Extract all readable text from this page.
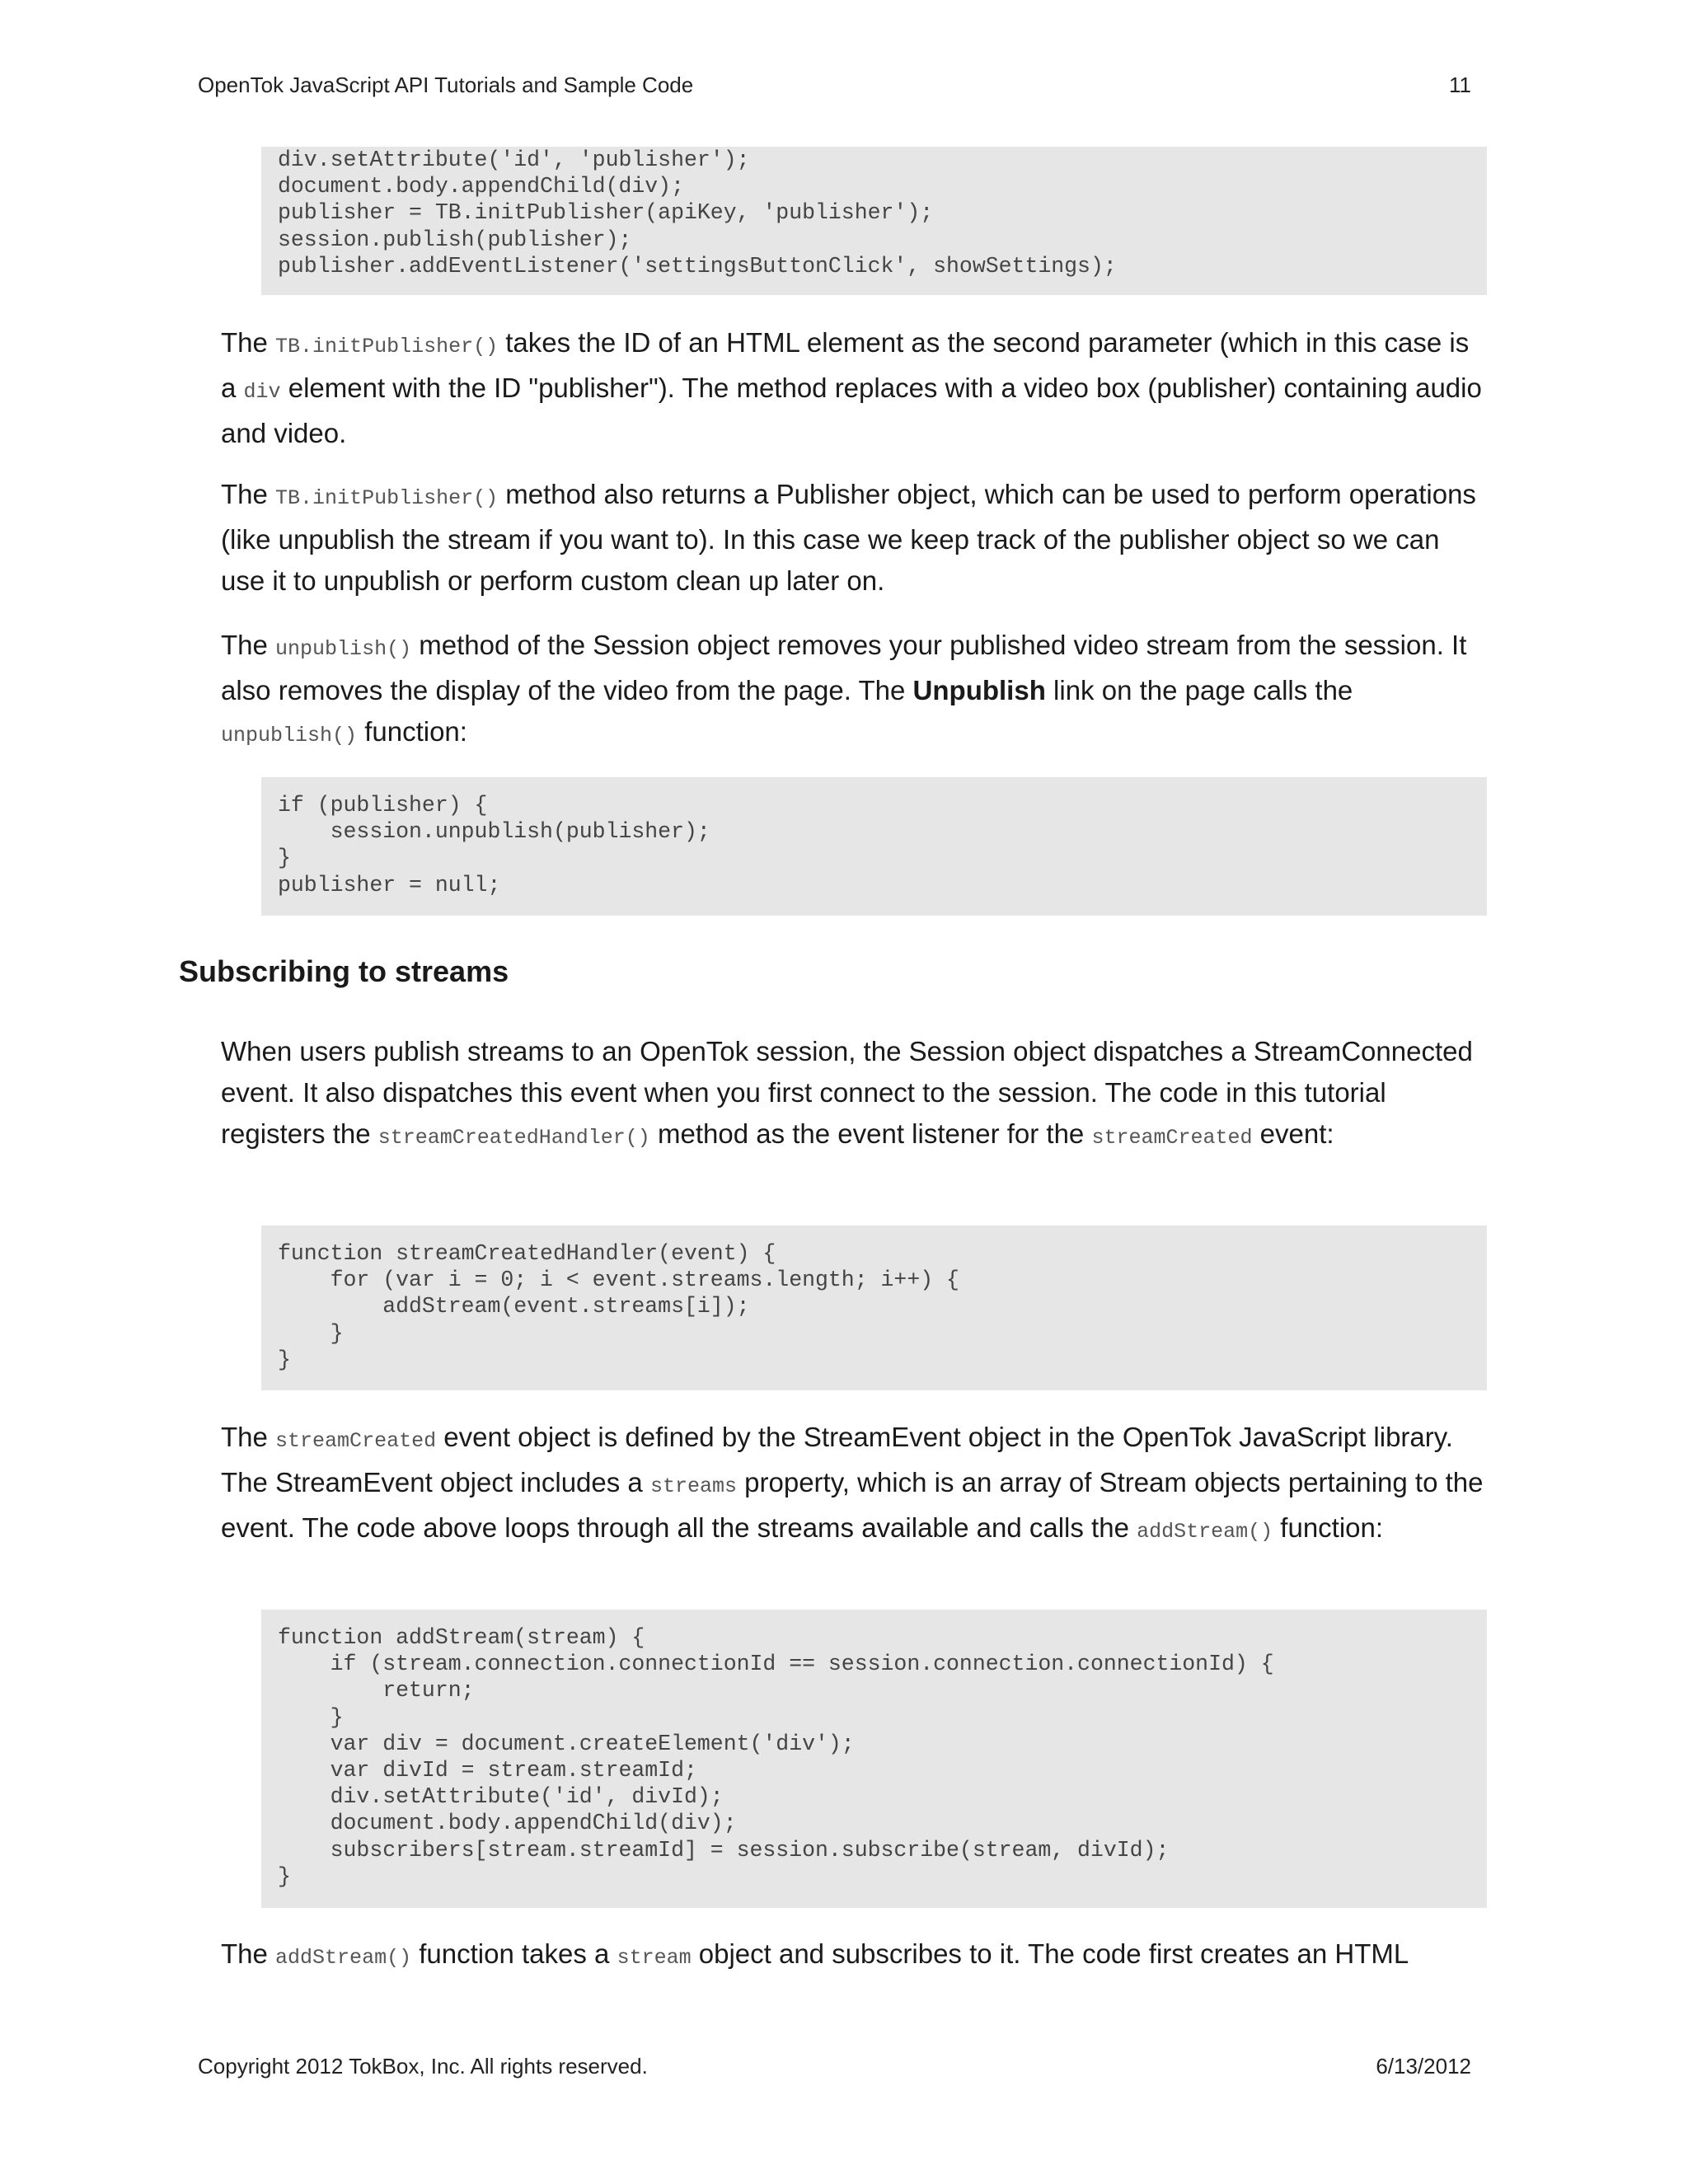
OpenTok JavaScript API Tutorials and Sample Code	11
div.setAttribute('id', 'publisher');
document.body.appendChild(div);
publisher = TB.initPublisher(apiKey, 'publisher');
session.publish(publisher);
publisher.addEventListener('settingsButtonClick', showSettings);

The TB.initPublisher() takes the ID of an HTML element as the second parameter (which in this case is a div element with the ID "publisher"). The method replaces with a video box (publisher) containing audio and video.

The TB.initPublisher() method also returns a Publisher object, which can be used to perform operations (like unpublish the stream if you want to). In this case we keep track of the publisher object so we can use it to unpublish or perform custom clean up later on.

The unpublish() method of the Session object removes your published video stream from the session. It also removes the display of the video from the page. The Unpublish link on the page calls the unpublish() function:

if (publisher) {
session.unpublish(publisher);
}
publisher = null;
Subscribing to streams

When users publish streams to an OpenTok session, the Session object dispatches a StreamConnected event. It also dispatches this event when you first connect to the session. The code in this tutorial registers the streamCreatedHandler() method as the event listener for the streamCreated event:

function streamCreatedHandler(event) {
for (var i = 0; i < event.streams.length; i++) {
addStream(event.streams[i]);
}
}

The streamCreated event object is defined by the StreamEvent object in the OpenTok JavaScript library. The StreamEvent object includes a streams property, which is an array of Stream objects pertaining to the event. The code above loops through all the streams available and calls the addStream() function:

function addStream(stream) {
if (stream.connection.connectionId == session.connection.connectionId) {
return;
}
var div = document.createElement('div');
var divId = stream.streamId;
div.setAttribute('id', divId);
document.body.appendChild(div);
subscribers[stream.streamId] = session.subscribe(stream, divId);
}

The addStream() function takes a stream object and subscribes to it. The code first creates an HTML

Copyright 2012 TokBox, Inc. All rights reserved.	6/13/2012
